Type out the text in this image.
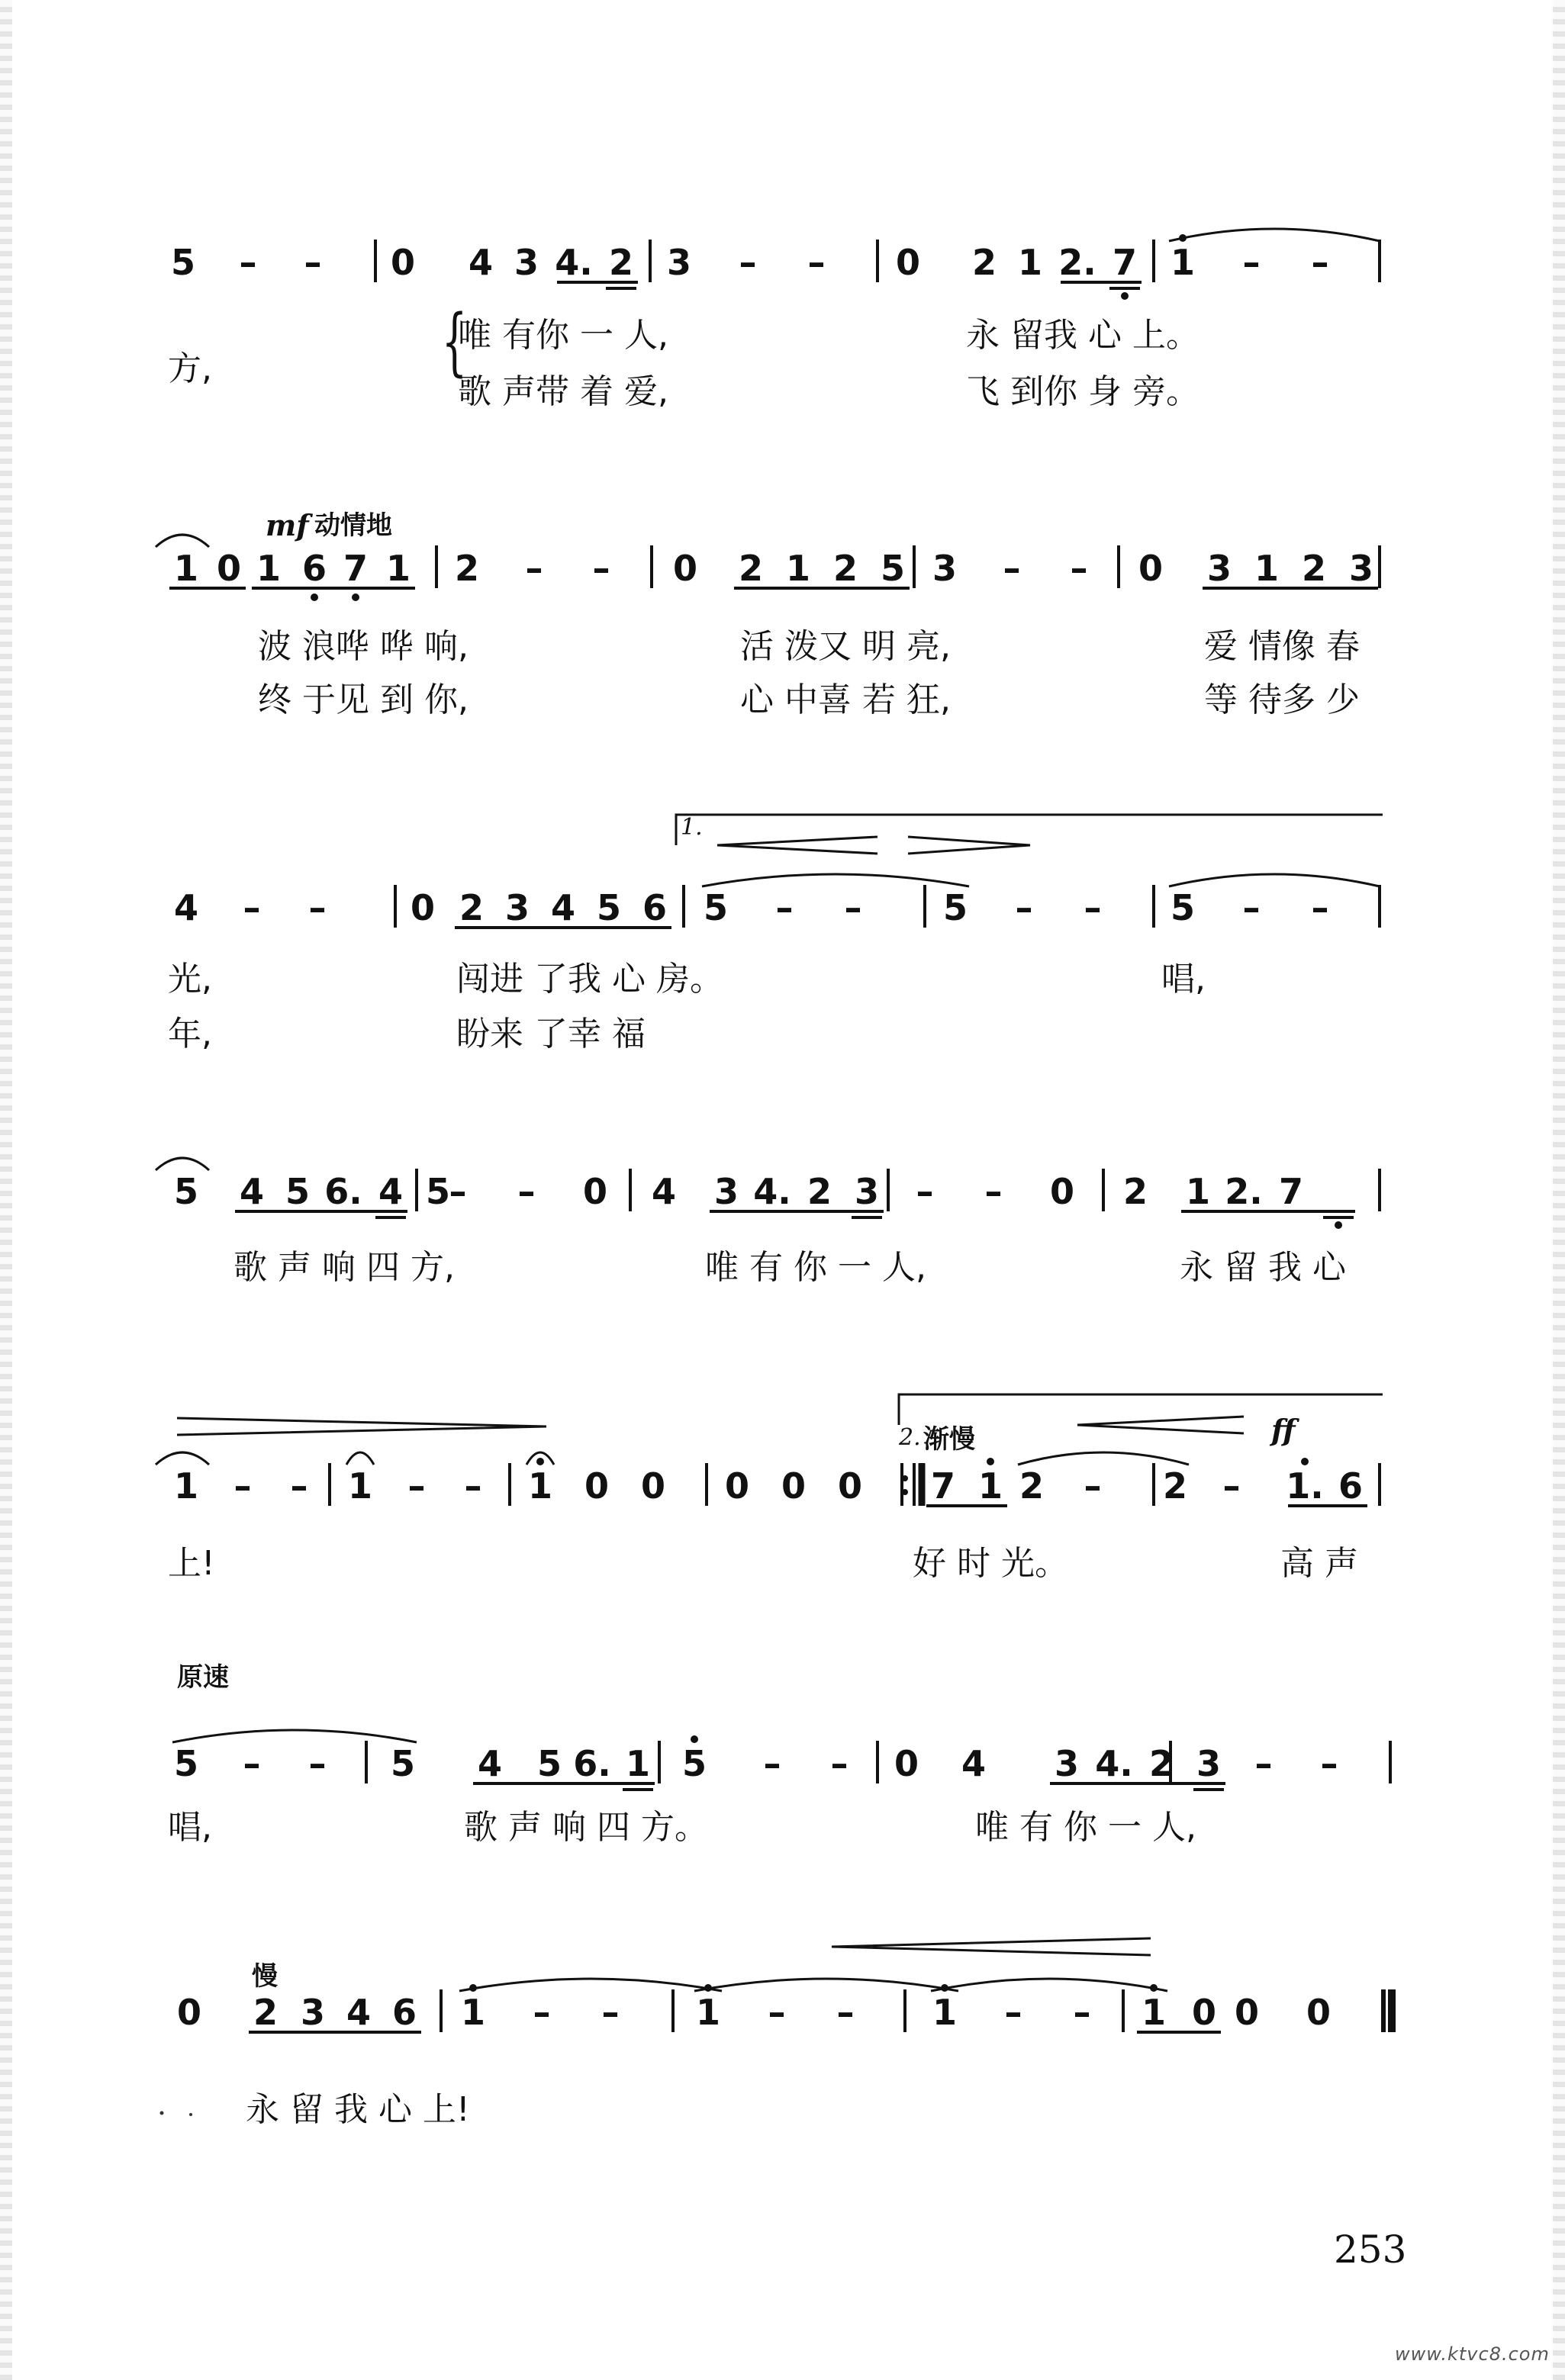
5 – – 0 4 3 4. 2 3 – – 0 2 1 2. 7 1 – –
方,
唯 有你 一 人,	永 留我 心 上。
歌 声带 着 爱,	飞 到你 身 旁。
{
1 0 1 6 7 1 2 – – 0 2 1 2 5 3 – – 0 3 1 2 3
mf 动情地
波 浪哗 哗 响,	活 泼又 明 亮,	爱 情像 春
终 于见 到 你,	心 中喜 若 狂,	等 待多 少
4 – – 0 2 3 4 5 6 5 – – 5 – – 5 – –
1.
光,	闯进 了我 心 房。	唱,
年,	盼来 了幸 福
5 4 5 6. 4 5
– – 0 4 3 4. 2 3 – – 0 2 1 2. 7
歌 声 响 四 方,	唯 有 你 一 人,	永 留 我 心
1 – – 1 – – 1 0 0 0 0 0 7 1 2 – 2 – 1. 6
2. 渐慢	ff
上!	好 时 光。	高 声
5 – – 5 4 5 6. 1 5 – – 0 4 3 4. 2 3 – –
原速
唱,	歌 声 响 四 方。	唯 有 你 一 人,
0 2 3 4 6 1 – – 1 – – 1 – – 1 0 0 0
慢
永 留 我 心 上!
253
www.ktvc8.com
